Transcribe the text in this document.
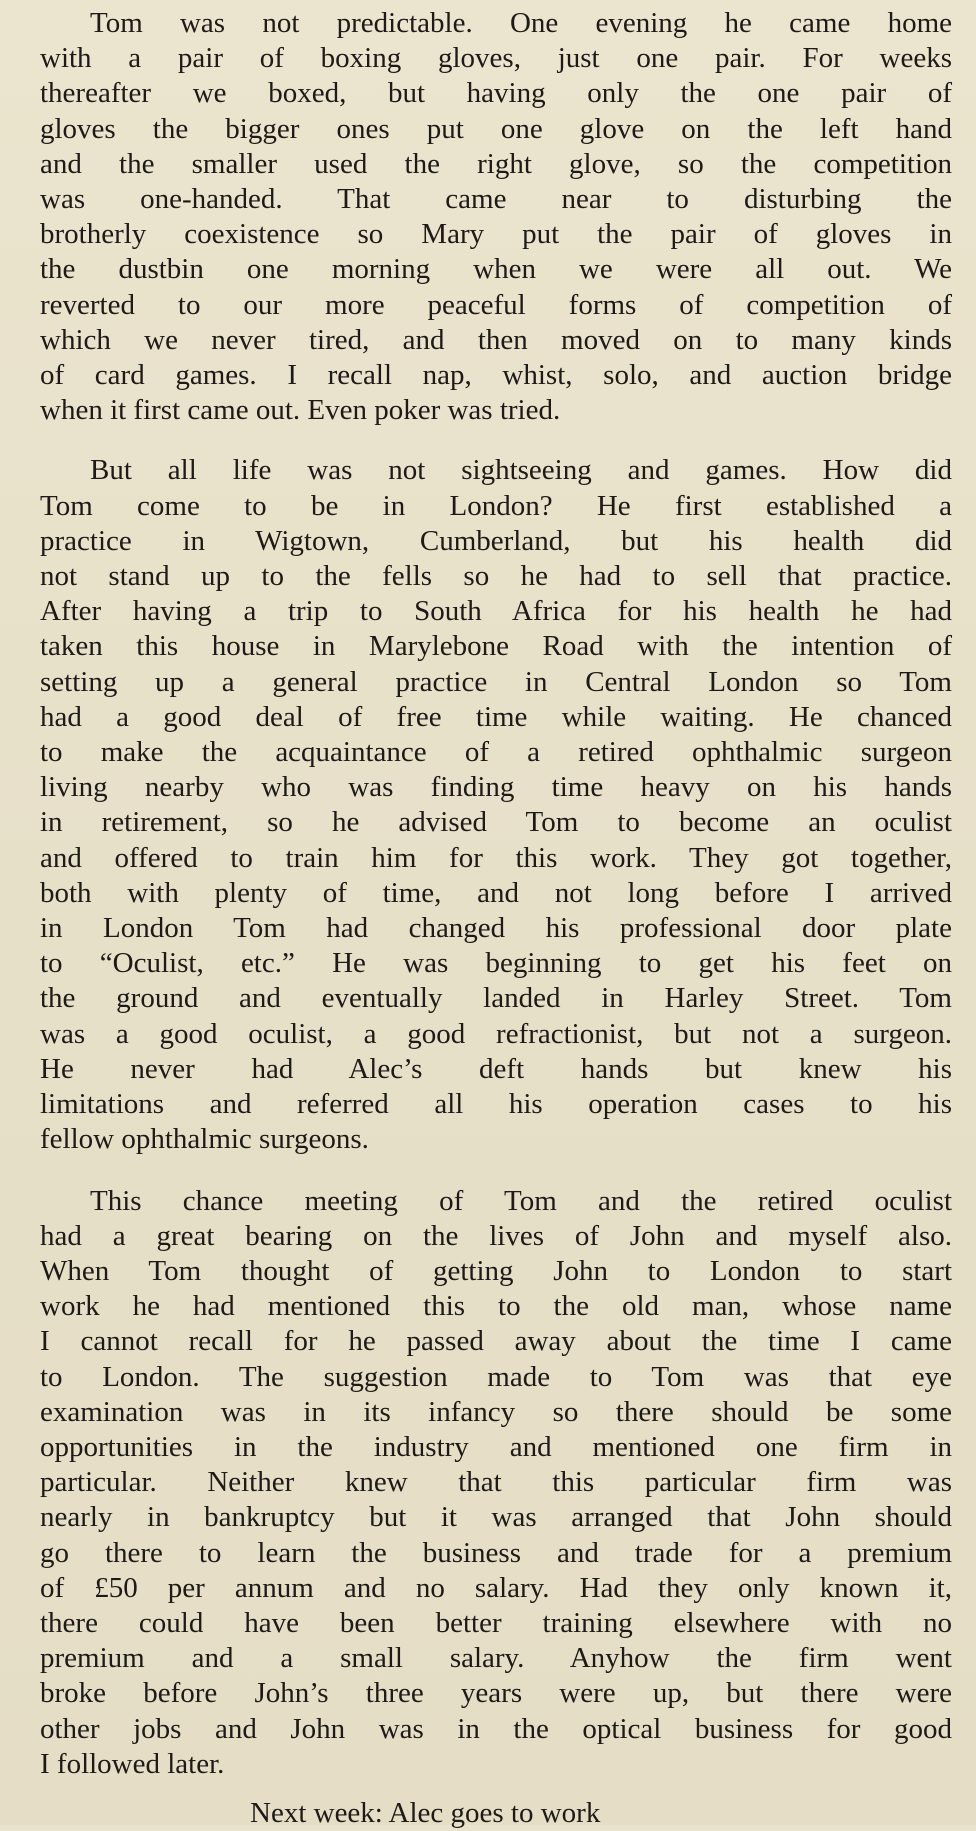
Tom was not predictable. One evening he came home
with a pair of boxing gloves, just one pair. For weeks
thereafter we boxed, but having only the one pair of
gloves the bigger ones put one glove on the left hand
and the smaller used the right glove, so the competition
was one-handed. That came near to disturbing the
brotherly coexistence so Mary put the pair of gloves in
the dustbin one morning when we were all out. We
reverted to our more peaceful forms of competition of
which we never tired, and then moved on to many kinds
of card games. I recall nap, whist, solo, and auction bridge
when it first came out. Even poker was tried.
But all life was not sightseeing and games. How did
Tom come to be in London? He first established a
practice in Wigtown, Cumberland, but his health did
not stand up to the fells so he had to sell that practice.
After having a trip to South Africa for his health he had
taken this house in Marylebone Road with the intention of
setting up a general practice in Central London so Tom
had a good deal of free time while waiting. He chanced
to make the acquaintance of a retired ophthalmic surgeon
living nearby who was finding time heavy on his hands
in retirement, so he advised Tom to become an oculist
and offered to train him for this work. They got together,
both with plenty of time, and not long before I arrived
in London Tom had changed his professional door plate
to “Oculist, etc.” He was beginning to get his feet on
the ground and eventually landed in Harley Street. Tom
was a good oculist, a good refractionist, but not a surgeon.
He never had Alec’s deft hands but knew his
limitations and referred all his operation cases to his
fellow ophthalmic surgeons.
This chance meeting of Tom and the retired oculist
had a great bearing on the lives of John and myself also.
When Tom thought of getting John to London to start
work he had mentioned this to the old man, whose name
I cannot recall for he passed away about the time I came
to London. The suggestion made to Tom was that eye
examination was in its infancy so there should be some
opportunities in the industry and mentioned one firm in
particular. Neither knew that this particular firm was
nearly in bankruptcy but it was arranged that John should
go there to learn the business and trade for a premium
of £50 per annum and no salary. Had they only known it,
there could have been better training elsewhere with no
premium and a small salary. Anyhow the firm went
broke before John’s three years were up, but there were
other jobs and John was in the optical business for good
I followed later.
Next week: Alec goes to work
